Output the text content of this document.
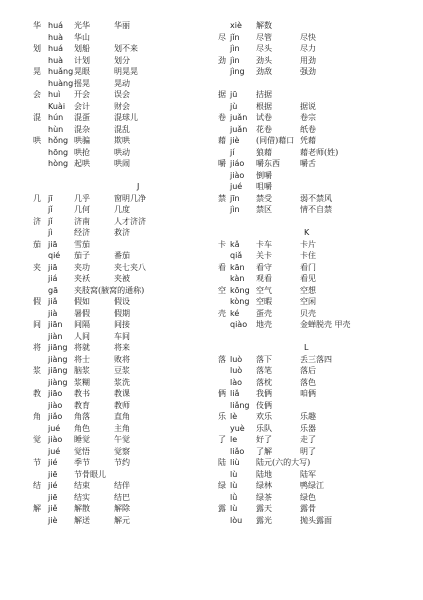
华 huá 光华	华丽
huà 华山
划 huá 划船	划不来
huà 计划	划分
晃 huǎng 晃眼	明晃晃
huàng 摇晃	晃动
会 huì 开会	误会
Kuài 会计	财会
混 hún 混蛋	混球儿
hùn 混杂	混乱
哄 hǒng 哄骗	欺哄
hōng 哄抢	哄动
hòng 起哄	哄闹
J
几 jī	几乎	窗明几净
jǐ	几何	几度
济 jǐ	济南	人才济济
jì	经济	救济
茄 jiā 雪茄
qié 茄子	番茄
夹 jiā 夹功	夹七夹八
jiá 夹袄	夹被
gā 夹肢窝(腋窝的通称)
假 jiǎ 假如	假设
jià 暑假	假期
间 jiān 间隔	间接
jiàn 人间	车间
将 jiāng 将就	将来
jiàng 将士	败将
浆 jiāng 脑浆	豆浆
jiàng 浆糊	浆洗
教 jiāo 教书	教课
jiào 教育	教师
角 jiǎo 角落	直角
jué 角色	主角
觉 jiào 睡觉	午觉
jué 觉悟	觉察
节 jié 季节	节约
jiē 节骨眼儿
结 jié 结束	结伴
jiē 结实	结巴
解 jiě 解散	解除
jiè 解送	解元
xiè 解数
尽 jǐn 尽管	尽快
jìn 尽头	尽力
劲 jìn 劲头	用劲
jìng 劲敌	强劲
据 jū 拮据
jù 根据	据说
卷 juǎn 试卷	卷宗
juǎn 花卷	纸卷
藉 jiè (同借)藉口 凭藉
jí	狼藉	藉老师(姓)
嚼 jiáo 嚼东西	嚼舌
jiào 倒嚼
jué 咀嚼
禁 jīn 禁受	弱不禁风
jìn 禁区	情不自禁
K
卡 kǎ 卡车	卡片
qiǎ 关卡	卡住
看 kān 看守	看门
kàn 观看	看见
空 kōng 空气	空想
kòng 空暇	空闲
壳 ké 蛋壳	贝壳
qiào 地壳	金蝉脱壳 甲壳
L
落 luò 落下	丢三落四
luò 落笔	落后
lào 落枕	落色
俩 liǎ 我俩	咱俩
liǎng 伎俩
乐 lè 欢乐	乐趣
yuè 乐队	乐器
了 le 好了	走了
liǎo 了解	明了
陆 liù 陆元(六的大写)
lù 陆地	陆军
绿 lù 绿林	鸭绿江
lǜ 绿茶	绿色
露 lù 露天	露骨
lòu 露光	抛头露面
